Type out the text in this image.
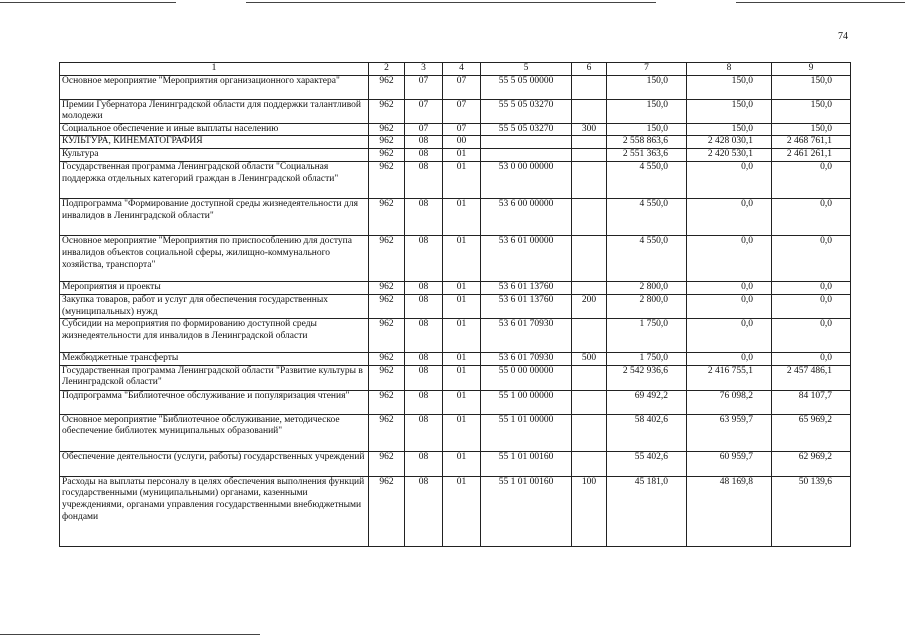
74
1	2	3	4	5	6	7	8	9
Основное мероприятие "Мероприятия организационного характера"	962	07	07	55 5 05 00000		150,0	150,0	150,0
Премии Губернатора Ленинградской области для поддержки талантливой молодежи	962	07	07	55 5 05 03270		150,0	150,0	150,0
Социальное обеспечение и иные выплаты населению	962	07	07	55 5 05 03270	300	150,0	150,0	150,0
КУЛЬТУРА, КИНЕМАТОГРАФИЯ	962	08	00			2 558 863,6	2 428 030,1	2 468 761,1
Культура	962	08	01			2 551 363,6	2 420 530,1	2 461 261,1
Государственная программа Ленинградской области "Социальная поддержка отдельных категорий граждан в Ленинградской области"	962	08	01	53 0 00 00000		4 550,0	0,0	0,0
Подпрограмма "Формирование доступной среды жизнедеятельности для инвалидов в Ленинградской области"	962	08	01	53 6 00 00000		4 550,0	0,0	0,0
Основное мероприятие "Мероприятия по приспособлению для доступа инвалидов объектов социальной сферы, жилищно-коммунального хозяйства, транспорта"	962	08	01	53 6 01 00000		4 550,0	0,0	0,0
Мероприятия и проекты	962	08	01	53 6 01 13760		2 800,0	0,0	0,0
Закупка товаров, работ и услуг для обеспечения государственных (муниципальных) нужд	962	08	01	53 6 01 13760	200	2 800,0	0,0	0,0
Субсидии на мероприятия по формированию доступной среды жизнедеятельности для инвалидов в Ленинградской области	962	08	01	53 6 01 70930		1 750,0	0,0	0,0
Межбюджетные трансферты	962	08	01	53 6 01 70930	500	1 750,0	0,0	0,0
Государственная программа Ленинградской области "Развитие культуры в Ленинградской области"	962	08	01	55 0 00 00000		2 542 936,6	2 416 755,1	2 457 486,1
Подпрограмма "Библиотечное обслуживание и популяризация чтения"	962	08	01	55 1 00 00000		69 492,2	76 098,2	84 107,7
Основное мероприятие "Библиотечное обслуживание, методическое обеспечение библиотек муниципальных образований"	962	08	01	55 1 01 00000		58 402,6	63 959,7	65 969,2
Обеспечение деятельности (услуги, работы) государственных учреждений	962	08	01	55 1 01 00160		55 402,6	60 959,7	62 969,2
Расходы на выплаты персоналу в целях обеспечения выполнения функций государственными (муниципальными) органами, казенными учреждениями, органами управления государственными внебюджетными фондами	962	08	01	55 1 01 00160	100	45 181,0	48 169,8	50 139,6
